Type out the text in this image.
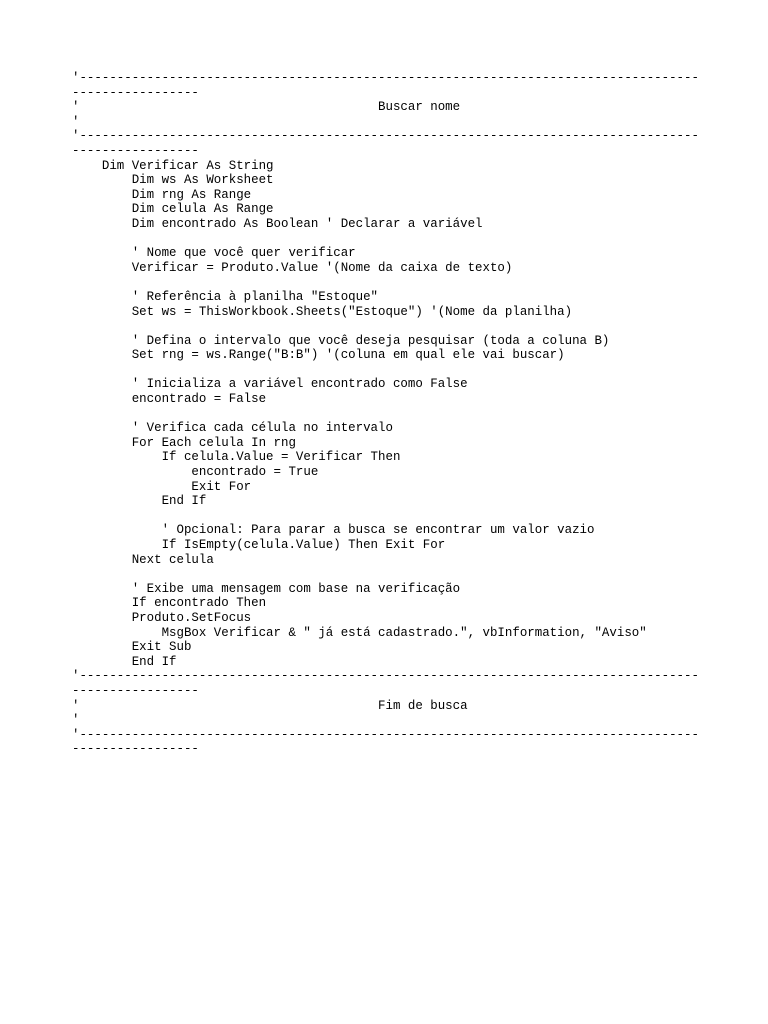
'-----------------------------------------------------------------------------------
-----------------
'                                        Buscar nome
'
'-----------------------------------------------------------------------------------
-----------------
Dim Verificar As String
Dim ws As Worksheet
Dim rng As Range
Dim celula As Range
Dim encontrado As Boolean ' Declarar a variável
' Nome que você quer verificar
Verificar = Produto.Value '(Nome da caixa de texto)
' Referência à planilha "Estoque"
Set ws = ThisWorkbook.Sheets("Estoque") '(Nome da planilha)
' Defina o intervalo que você deseja pesquisar (toda a coluna B)
Set rng = ws.Range("B:B") '(coluna em qual ele vai buscar)
' Inicializa a variável encontrado como False
encontrado = False
' Verifica cada célula no intervalo
For Each celula In rng
If celula.Value = Verificar Then
encontrado = True
Exit For
End If
' Opcional: Para parar a busca se encontrar um valor vazio
If IsEmpty(celula.Value) Then Exit For
Next celula
' Exibe uma mensagem com base na verificação
If encontrado Then
Produto.SetFocus
MsgBox Verificar & " já está cadastrado.", vbInformation, "Aviso"
Exit Sub
End If
'-----------------------------------------------------------------------------------
-----------------
'                                        Fim de busca
'
'-----------------------------------------------------------------------------------
-----------------
